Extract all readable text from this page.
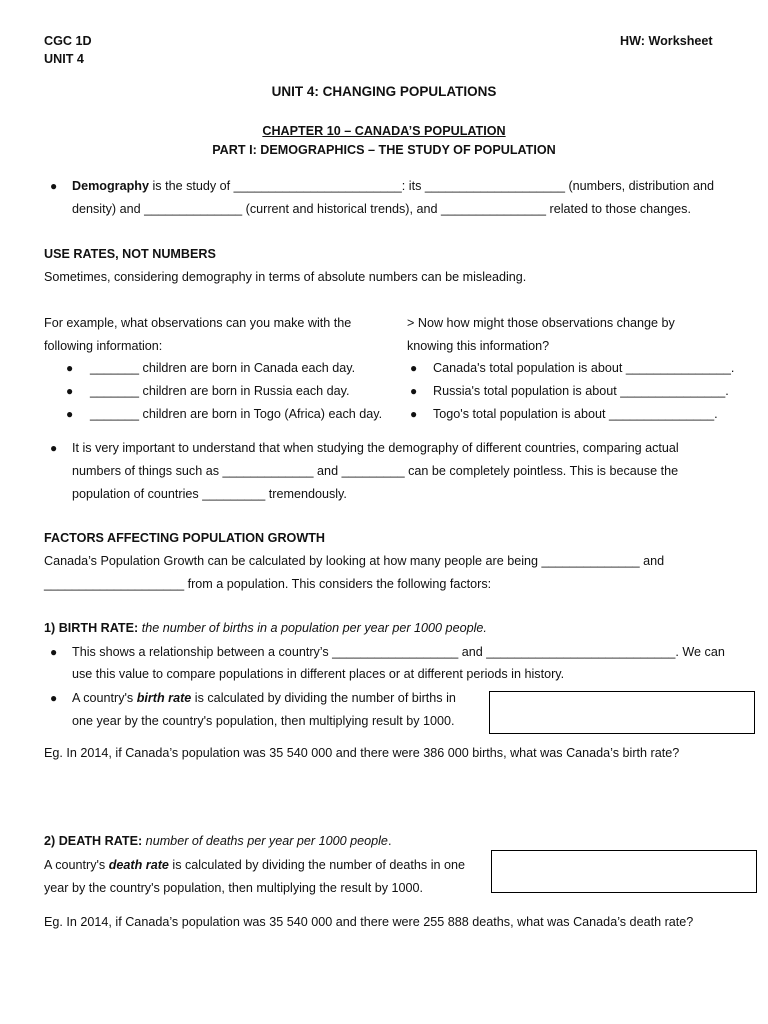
CGC 1D
UNIT 4
HW: Worksheet
UNIT 4: CHANGING POPULATIONS
CHAPTER 10 – CANADA’S POPULATION
PART I: DEMOGRAPHICS – THE STUDY OF POPULATION
● Demography is the study of ________________________: its ____________________ (numbers, distribution and
density) and ______________ (current and historical trends), and _______________ related to those changes.
USE RATES, NOT NUMBERS
Sometimes, considering demography in terms of absolute numbers can be misleading.
For example, what observations can you make with the
following information:
● _______ children are born in Canada each day.
● _______ children are born in Russia each day.
● _______ children are born in Togo (Africa) each day.
> Now how might those observations change by
knowing this information?
● Canada's total population is about _______________.
● Russia's total population is about _______________.
● Togo's total population is about _______________.
● It is very important to understand that when studying the demography of different countries, comparing actual
numbers of things such as _____________ and _________ can be completely pointless. This is because the
population of countries _________ tremendously.
FACTORS AFFECTING POPULATION GROWTH
Canada’s Population Growth can be calculated by looking at how many people are being ______________ and
____________________ from a population. This considers the following factors:
1) BIRTH RATE: the number of births in a population per year per 1000 people.
● This shows a relationship between a country’s __________________ and ___________________________. We can
use this value to compare populations in different places or at different periods in history.
● A country's birth rate is calculated by dividing the number of births in
one year by the country's population, then multiplying result by 1000.
Eg. In 2014, if Canada’s population was 35 540 000 and there were 386 000 births, what was Canada’s birth rate?
2) DEATH RATE: number of deaths per year per 1000 people.
A country's death rate is calculated by dividing the number of deaths in one
year by the country's population, then multiplying the result by 1000.
Eg. In 2014, if Canada’s population was 35 540 000 and there were 255 888 deaths, what was Canada’s death rate?
